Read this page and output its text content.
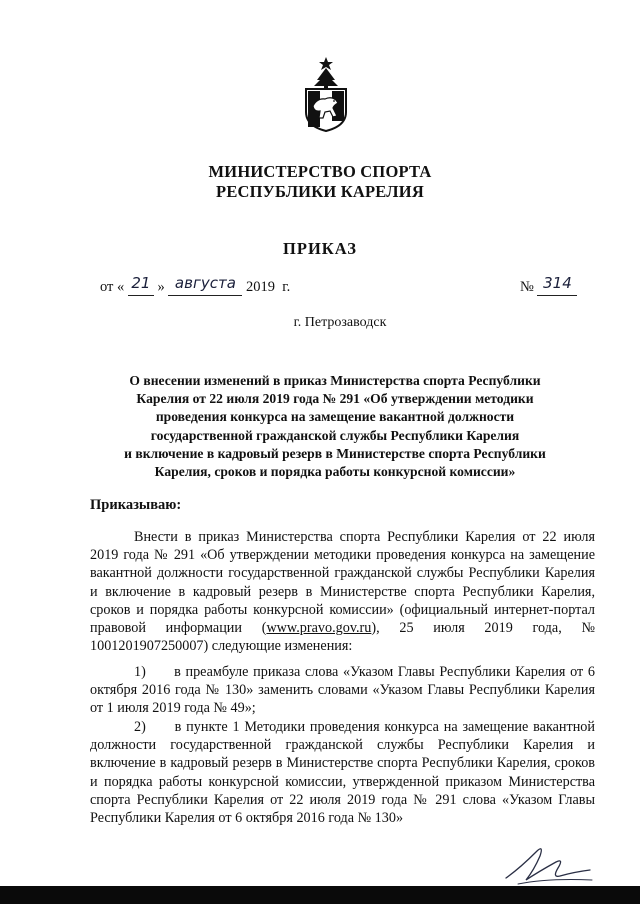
МИНИСТЕРСТВО СПОРТА
РЕСПУБЛИКИ КАРЕЛИЯ
ПРИКАЗ
от « 21 » августа 2019  г.	№ 314
г. Петрозаводск
О внесении изменений в приказ Министерства спорта Республики
Карелия от 22 июля 2019 года № 291 «Об утверждении методики
проведения конкурса на замещение вакантной должности
государственной гражданской службы Республики Карелия
и включение в кадровый резерв в Министерстве спорта Республики
Карелия, сроков и порядка работы конкурсной комиссии»
Приказываю:

Внести в приказ Министерства спорта Республики Карелия от 22 июля 2019 года № 291 «Об утверждении методики проведения конкурса на замещение вакантной должности государственной гражданской службы Республики Карелия и включение в кадровый резерв в Министерстве спорта Республики Карелия, сроков и порядка работы конкурсной комиссии» (официальный интернет-портал правовой информации (www.pravo.gov.ru), 25 июля 2019 года, № 1001201907250007) следующие изменения:

1)      в преамбуле приказа слова «Указом Главы Республики Карелия от 6 октября 2016 года № 130» заменить словами «Указом Главы Республики Карелия  от 1 июля 2019 года № 49»;

2)      в пункте 1 Методики проведения конкурса на замещение вакантной должности государственной гражданской службы Республики Карелия и включение в кадровый резерв в Министерстве спорта Республики Карелия, сроков и порядка работы конкурсной комиссии, утвержденной приказом Министерства спорта Республики Карелия от 22 июля 2019 года № 291 слова «Указом Главы Республики Карелия от 6 октября 2016 года № 130»
